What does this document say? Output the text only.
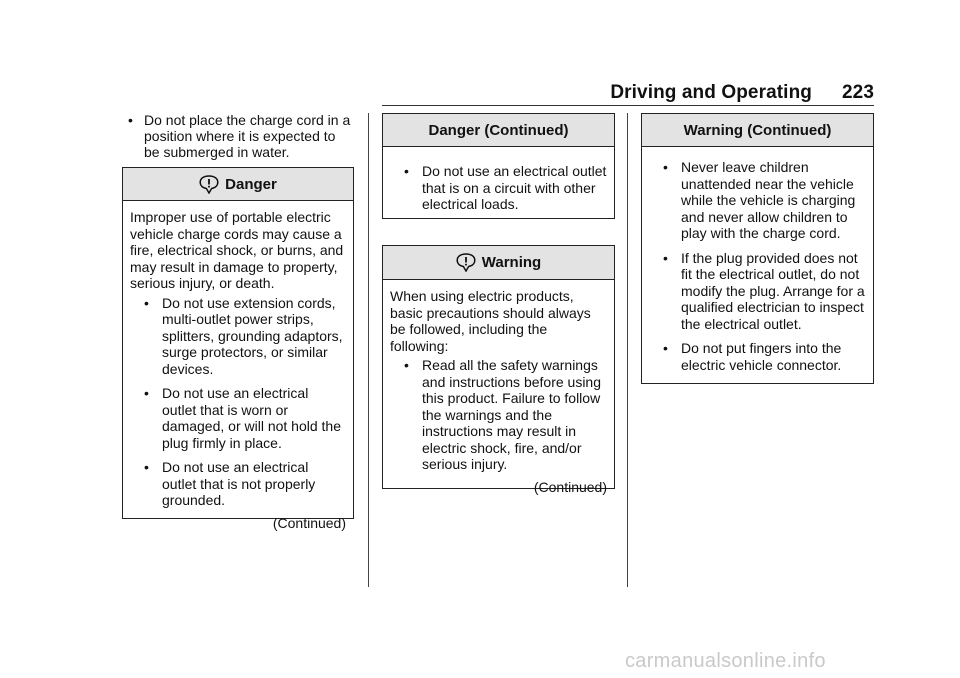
Driving and Operating 223
• Do not place the charge cord in a position where it is expected to be submerged in water.
Danger

Improper use of portable electric vehicle charge cords may cause a fire, electrical shock, or burns, and may result in damage to property, serious injury, or death.

• Do not use extension cords, multi-outlet power strips, splitters, grounding adaptors, surge protectors, or similar devices.
• Do not use an electrical outlet that is worn or damaged, or will not hold the plug firmly in place.
• Do not use an electrical outlet that is not properly grounded.
(Continued)
Danger (Continued)
• Do not use an electrical outlet that is on a circuit with other electrical loads.
Warning

When using electric products, basic precautions should always be followed, including the following:

• Read all the safety warnings and instructions before using this product. Failure to follow the warnings and the instructions may result in electric shock, fire, and/or serious injury.
(Continued)
Warning (Continued)
• Never leave children unattended near the vehicle while the vehicle is charging and never allow children to play with the charge cord.
• If the plug provided does not fit the electrical outlet, do not modify the plug. Arrange for a qualified electrician to inspect the electrical outlet.
• Do not put fingers into the electric vehicle connector.
carmanualsonline.info
